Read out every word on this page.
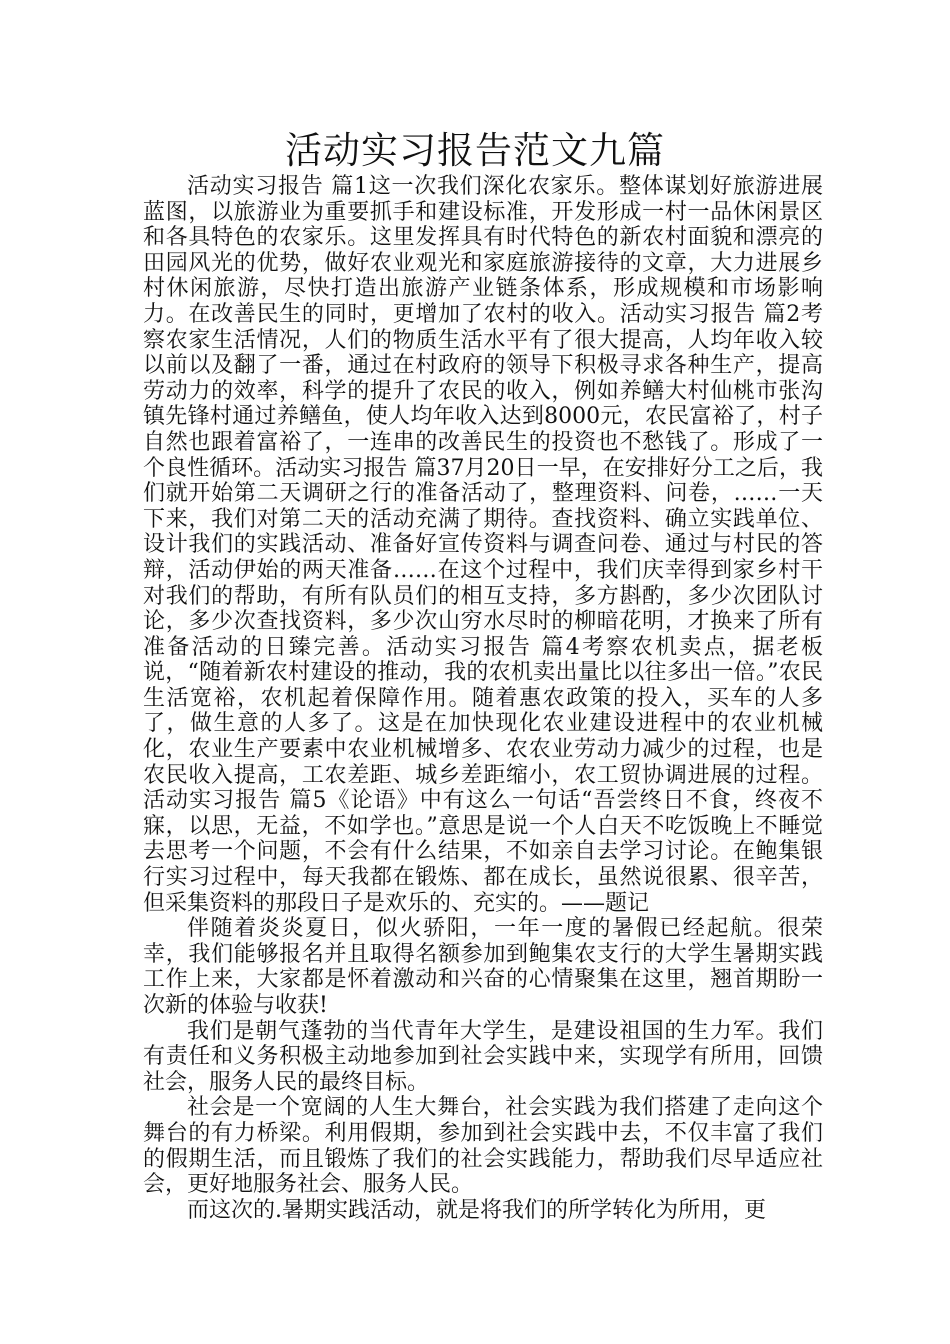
活动实习报告范文九篇

活动实习报告 篇1这一次我们深化农家乐。整体谋划好旅游进展蓝图，以旅游业为重要抓手和建设标准，开发形成一村一品休闲景区和各具特色的农家乐。这里发挥具有时代特色的新农村面貌和漂亮的田园风光的优势，做好农业观光和家庭旅游接待的文章，大力进展乡村休闲旅游，尽快打造出旅游产业链条体系，形成规模和市场影响力。在改善民生的同时，更增加了农村的收入。活动实习报告 篇2考察农家生活情况，人们的物质生活水平有了很大提高，人均年收入较以前以及翻了一番，通过在村政府的领导下积极寻求各种生产，提高劳动力的效率，科学的提升了农民的收入，例如养鳝大村仙桃市张沟镇先锋村通过养鳝鱼，使人均年收入达到8000元，农民富裕了，村子自然也跟着富裕了，一连串的改善民生的投资也不愁钱了。形成了一个良性循环。活动实习报告 篇37月20日一早，在安排好分工之后，我们就开始第二天调研之行的准备活动了，整理资料、问卷，……一天下来，我们对第二天的活动充满了期待。查找资料、确立实践单位、设计我们的实践活动、准备好宣传资料与调查问卷、通过与村民的答辩，活动伊始的两天准备……在这个过程中，我们庆幸得到家乡村干对我们的帮助，有所有队员们的相互支持，多方斟酌，多少次团队讨论，多少次查找资料，多少次山穷水尽时的柳暗花明，才换来了所有准备活动的日臻完善。活动实习报告 篇4考察农机卖点，据老板说，“随着新农村建设的推动，我的农机卖出量比以往多出一倍。”农民生活宽裕，农机起着保障作用。随着惠农政策的投入，买车的人多了，做生意的人多了。这是在加快现化农业建设进程中的农业机械化，农业生产要素中农业机械增多、农农业劳动力减少的过程，也是农民收入提高，工农差距、城乡差距缩小，农工贸协调进展的过程。活动实习报告 篇5《论语》中有这么一句话“吾尝终日不食，终夜不寐，以思，无益，不如学也。”意思是说一个人白天不吃饭晚上不睡觉去思考一个问题，不会有什么结果，不如亲自去学习讨论。在鲍集银行实习过程中，每天我都在锻炼、都在成长，虽然说很累、很辛苦，但采集资料的那段日子是欢乐的、充实的。——题记

伴随着炎炎夏日，似火骄阳，一年一度的暑假已经起航。很荣幸，我们能够报名并且取得名额参加到鲍集农支行的大学生暑期实践工作上来，大家都是怀着激动和兴奋的心情聚集在这里，翘首期盼一次新的体验与收获!

我们是朝气蓬勃的当代青年大学生，是建设祖国的生力军。我们有责任和义务积极主动地参加到社会实践中来，实现学有所用，回馈社会，服务人民的最终目标。

社会是一个宽阔的人生大舞台，社会实践为我们搭建了走向这个舞台的有力桥梁。利用假期，参加到社会实践中去，不仅丰富了我们的假期生活，而且锻炼了我们的社会实践能力，帮助我们尽早适应社会，更好地服务社会、服务人民。

而这次的.暑期实践活动，就是将我们的所学转化为所用，更
